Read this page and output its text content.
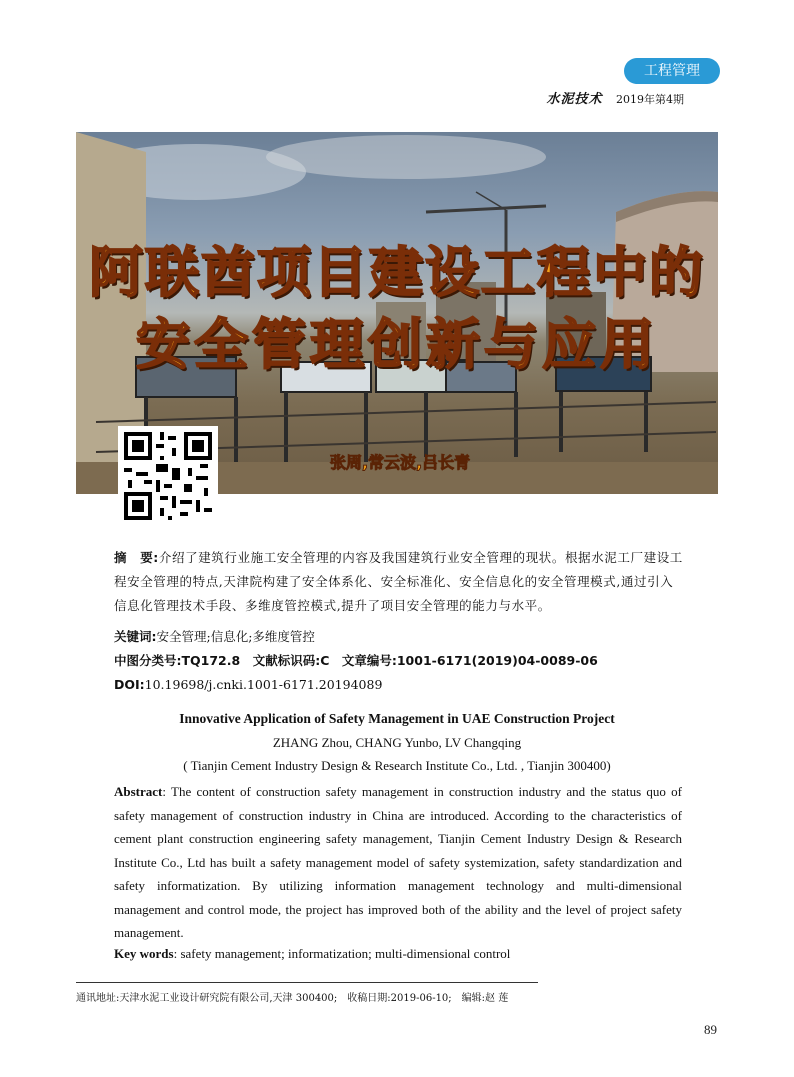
工程管理
水泥技术 2019年第4期
阿联酋项目建设工程中的
安全管理创新与应用
张周,常云波,吕长青
摘　要:介绍了建筑行业施工安全管理的内容及我国建筑行业安全管理的现状。根据水泥工厂建设工程安全管理的特点,天津院构建了安全体系化、安全标准化、安全信息化的安全管理模式,通过引入信息化管理技术手段、多维度管控模式,提升了项目安全管理的能力与水平。
关键词:安全管理;信息化;多维度管控
中图分类号:TQ172.8　文献标识码:C　文章编号:1001-6171(2019)04-0089-06
DOI:10.19698/j.cnki.1001-6171.20194089
Innovative Application of Safety Management in UAE Construction Project
ZHANG Zhou, CHANG Yunbo, LV Changqing
( Tianjin Cement Industry Design & Research Institute Co., Ltd. , Tianjin 300400)
Abstract: The content of construction safety management in construction industry and the status quo of safety management of construction industry in China are introduced. According to the characteristics of cement plant construction engineering safety management, Tianjin Cement Industry Design & Research Institute Co., Ltd has built a safety management model of safety systemization, safety standardization and safety informatization. By utilizing information management technology and multi-dimensional management and control mode, the project has improved both of the ability and the level of project safety management.
Key words: safety management; informatization; multi-dimensional control
通讯地址:天津水泥工业设计研究院有限公司,天津 300400;　收稿日期:2019-06-10;　编辑:赵 莲
89
